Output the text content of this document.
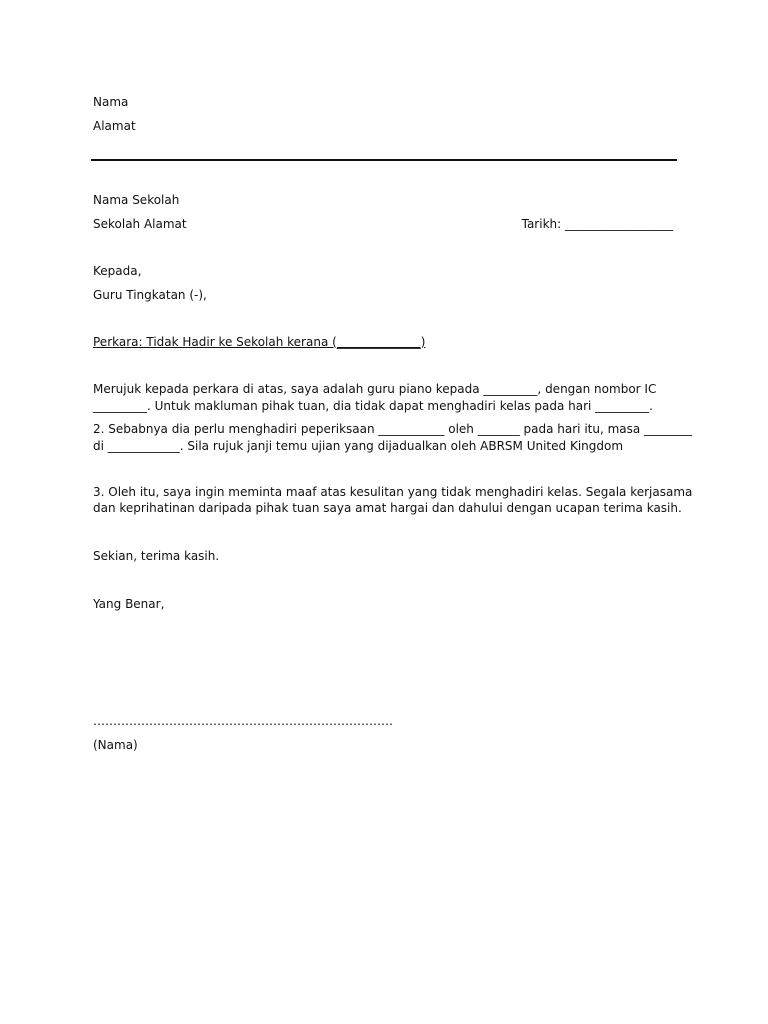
Nama
Alamat
Nama Sekolah
Sekolah Alamat	Tarikh: __________________
Kepada,
Guru Tingkatan (-),
Perkara: Tidak Hadir ke Sekolah kerana (______________)
Merujuk kepada perkara di atas, saya adalah guru piano kepada _________, dengan nombor IC
_________. Untuk makluman pihak tuan, dia tidak dapat menghadiri kelas pada hari _________.
2. Sebabnya dia perlu menghadiri peperiksaan ___________ oleh _______ pada hari itu, masa ________
di ____________. Sila rujuk janji temu ujian yang dijadualkan oleh ABRSM United Kingdom
3. Oleh itu, saya ingin meminta maaf atas kesulitan yang tidak menghadiri kelas. Segala kerjasama
dan keprihatinan daripada pihak tuan saya amat hargai dan dahului dengan ucapan terima kasih.
Sekian, terima kasih.
Yang Benar,
…………………………………………………………………
(Nama)
